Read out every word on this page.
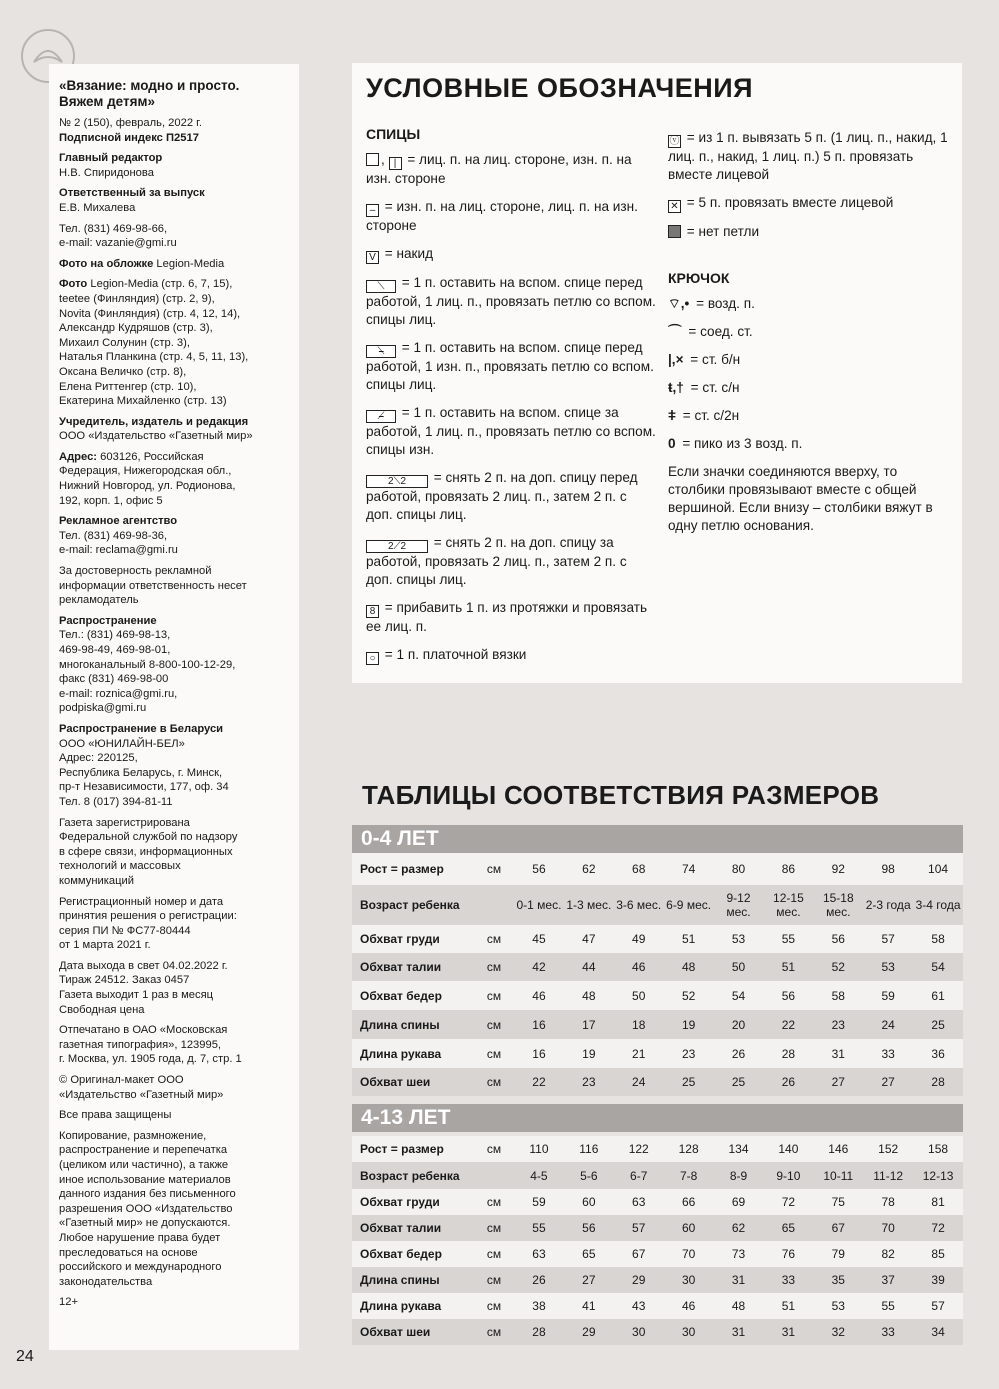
«Вязание: модно и просто.
Вяжем детям»
№ 2 (150), февраль, 2022 г.
Подписной индекс П2517
Главный редактор
Н.В. Спиридонова
Ответственный за выпуск
Е.В. Михалева
Тел. (831) 469-98-66,
e-mail: vazanie@gmi.ru
Фото на обложке Legion-Media
Фото Legion-Media (стр. 6, 7, 15),
teetee (Финляндия) (стр. 2, 9),
Novita (Финляндия) (стр. 4, 12, 14),
Александр Кудряшов (стр. 3),
Михаил Солунин (стр. 3),
Наталья Планкина (стр. 4, 5, 11, 13),
Оксана Величко (стр. 8),
Елена Риттенгер (стр. 10),
Екатерина Михайленко (стр. 13)
Учредитель, издатель и редакция
ООО «Издательство «Газетный мир»
Адрес: 603126, Российская
Федерация, Нижегородская обл.,
Нижний Новгород, ул. Родионова,
192, корп. 1, офис 5
Рекламное агентство
Тел. (831) 469-98-36,
e-mail: reclama@gmi.ru
За достоверность рекламной
информации ответственность несет
рекламодатель
Распространение
Тел.: (831) 469-98-13,
469-98-49, 469-98-01,
многоканальный 8-800-100-12-29,
факс (831) 469-98-00
e-mail: roznica@gmi.ru,
podpiska@gmi.ru
Распространение в Беларуси
ООО «ЮНИЛАЙН-БЕЛ»
Адрес: 220125,
Республика Беларусь, г. Минск,
пр-т Независимости, 177, оф. 34
Тел. 8 (017) 394-81-11
Газета зарегистрирована
Федеральной службой по надзору
в сфере связи, информационных
технологий и массовых
коммуникаций
Регистрационный номер и дата
принятия решения о регистрации:
серия ПИ № ФС77-80444
от 1 марта 2021 г.
Дата выхода в свет 04.02.2022 г.
Тираж 24512. Заказ 0457
Газета выходит 1 раз в месяц
Свободная цена
Отпечатано в ОАО «Московская
газетная типография», 123995,
г. Москва, ул. 1905 года, д. 7, стр. 1
© Оригинал-макет ООО
«Издательство «Газетный мир»
Все права защищены
Копирование, размножение,
распространение и перепечатка
(целиком или частично), а также
иное использование материалов
данного издания без письменного
разрешения ООО «Издательство
«Газетный мир» не допускаются.
Любое нарушение права будет
преследоваться на основе
российского и международного
законодательства
12+
УСЛОВНЫЕ ОБОЗНАЧЕНИЯ
СПИЦЫ
, | = лиц. п. на лиц. стороне, изн. п. на изн. стороне
– = изн. п. на лиц. стороне, лиц. п. на изн. стороне
V = накид
⟍ = 1 п. оставить на вспом. спице перед работой, 1 лиц. п., провязать петлю со вспом. спицы лиц.
⟍̶ = 1 п. оставить на вспом. спице перед работой, 1 изн. п., провязать петлю со вспом. спицы лиц.
⟋̶ = 1 п. оставить на вспом. спице за работой, 1 лиц. п., провязать петлю со вспом. спицы изн.
2⟍2 = снять 2 п. на доп. спицу перед работой, провязать 2 лиц. п., затем 2 п. с доп. спицы лиц.
2⟋2 = снять 2 п. на доп. спицу за работой, провязать 2 лиц. п., затем 2 п. с доп. спицы лиц.
8 = прибавить 1 п. из протяжки и провязать ее лиц. п.
○ = 1 п. платочной вязки
ⓥ = из 1 п. вывязать 5 п. (1 лиц. п., накид, 1 лиц. п., накид, 1 лиц. п.) 5 п. провязать вместе лицевой
✕ = 5 п. провязать вместе лицевой
= нет петли
КРЮЧОК
⌔,• = возд. п.
⌒ = соед. ст.
|,× = ст. б/н
ŧ,† = ст. с/н
ǂ = ст. с/2н
0 = пико из 3 возд. п.
Если значки соединяются вверху, то столбики провязывают вместе с общей вершиной. Если внизу – столбики вяжут в одну петлю основания.
ТАБЛИЦЫ СООТВЕТСТВИЯ РАЗМЕРОВ
0-4 ЛЕТ
Рост = размер	см	56	62	68	74	80	86	92	98	104
Возраст ребенка		0-1 мес.	1-3 мес.	3-6 мес.	6-9 мес.	9-12 мес.	12-15 мес.	15-18 мес.	2-3 года	3-4 года
Обхват груди	см	45	47	49	51	53	55	56	57	58
Обхват талии	см	42	44	46	48	50	51	52	53	54
Обхват бедер	см	46	48	50	52	54	56	58	59	61
Длина спины	см	16	17	18	19	20	22	23	24	25
Длина рукава	см	16	19	21	23	26	28	31	33	36
Обхват шеи	см	22	23	24	25	25	26	27	27	28
4-13 ЛЕТ
Рост = размер	см	110	116	122	128	134	140	146	152	158
Возраст ребенка		4-5	5-6	6-7	7-8	8-9	9-10	10-11	11-12	12-13
Обхват груди	см	59	60	63	66	69	72	75	78	81
Обхват талии	см	55	56	57	60	62	65	67	70	72
Обхват бедер	см	63	65	67	70	73	76	79	82	85
Длина спины	см	26	27	29	30	31	33	35	37	39
Длина рукава	см	38	41	43	46	48	51	53	55	57
Обхват шеи	см	28	29	30	30	31	31	32	33	34
24
